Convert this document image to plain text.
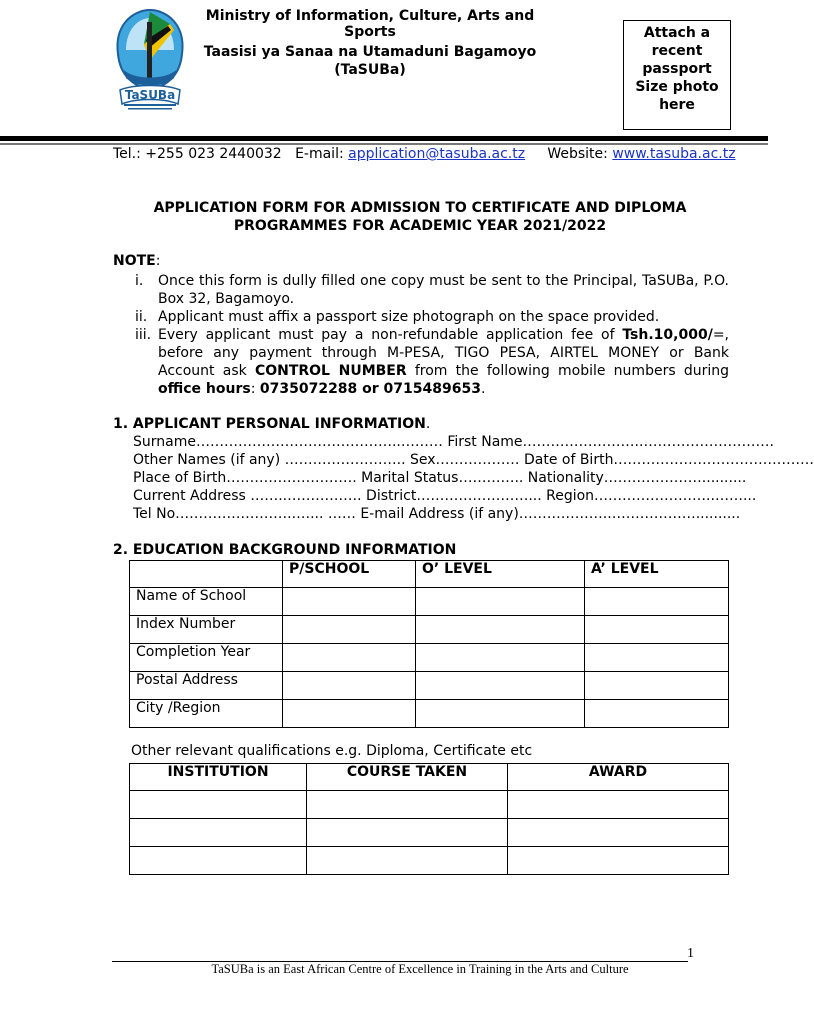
TaSUBa
Ministry of Information, Culture, Arts and Sports
Taasisi ya Sanaa na Utamaduni Bagamoyo
(TaSUBa)
Attach a recent passport Size photo here
Tel.: +255 023 2440032   E-mail: application@tasuba.ac.tz     Website: www.tasuba.ac.tz
APPLICATION FORM FOR ADMISSION TO CERTIFICATE AND DIPLOMA PROGRAMMES FOR ACADEMIC YEAR 2021/2022
NOTE:
i.	Once this form is dully filled one copy must be sent to the Principal, TaSUBa, P.O. Box 32, Bagamoyo.
ii. Applicant must affix a passport size photograph on the space provided.
iii. Every applicant must pay a non-refundable application fee of Tsh.10,000/=, before any payment through M-PESA, TIGO PESA, AIRTEL MONEY or Bank Account ask CONTROL NUMBER from the following mobile numbers during office hours: 0735072288 or 0715489653.
1. APPLICANT PERSONAL INFORMATION.
Surname……………………………………..……… First Name……………………..……………………….
Other Names (if any) …………………….. Sex……………… Date of Birth…………………………………….
Place of Birth………………………. Marital Status………….. Nationality…………………..........
Current Address ……..……………. District……………………... Region……………………..……...
Tel No……………………..…... …… E-mail Address (if any)………………..………………..........
2. EDUCATION BACKGROUND INFORMATION
	P/SCHOOL	O’ LEVEL	A’ LEVEL
Name of School			
Index Number			
Completion Year			
Postal Address			
City /Region			
Other relevant qualifications e.g. Diploma, Certificate etc
INSTITUTION	COURSE TAKEN	AWARD

1
TaSUBa is an East African Centre of Excellence in Training in the Arts and Culture
